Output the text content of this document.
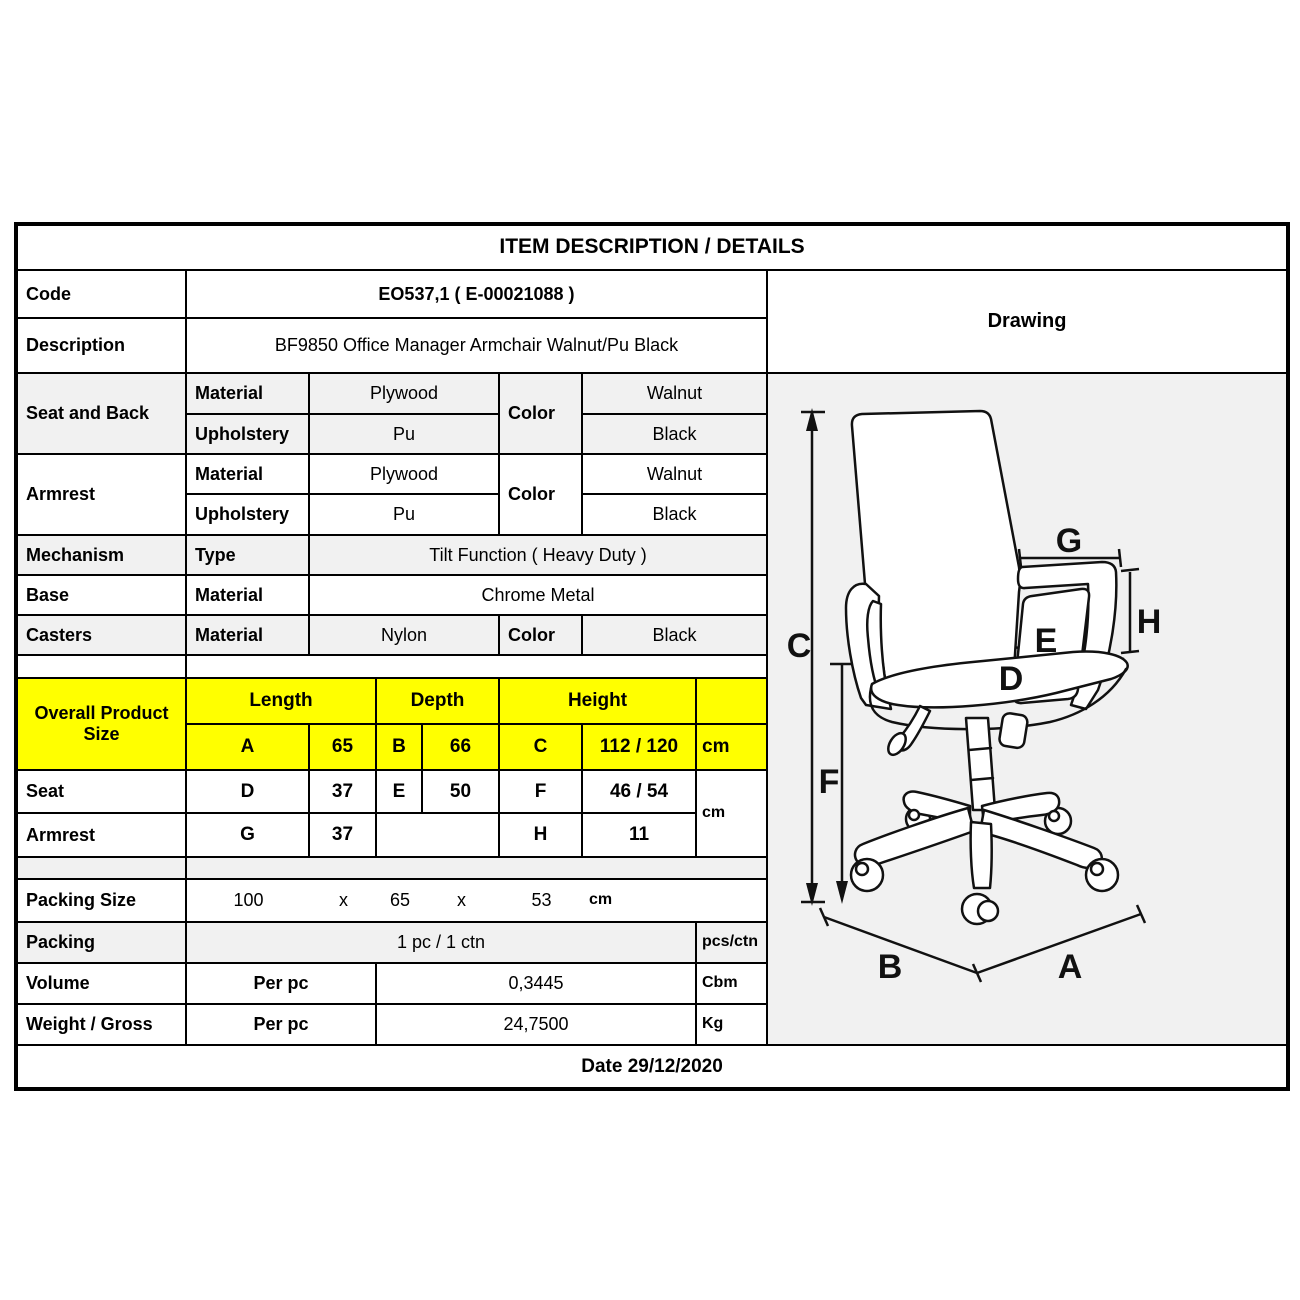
ITEM DESCRIPTION / DETAILS								
Code	EO537,1 ( E-00021088 )							Drawing
Description	BF9850 Office Manager Armchair Walnut/Pu Black							
Seat and Back	Material	Plywood	Color	Walnut	
C
F
G
H
E
D
B	A

	Upholstery	Pu				Black		
Armrest	Material	Plywood			Color	Walnut		
	Upholstery	Pu				Black		
Mechanism	Type	Tilt Function ( Heavy Duty )						
Base	Material	Chrome Metal						
Casters	Material	Nylon			Color	Black		

Overall Product Size	Length		Depth		Height			
	A	65	B	66	C	112 / 120	cm	
Seat	D	37	E	50	F	46 / 54	cm	
Armrest	G	37			H	11		

Packing Size	100	x	65	x	53	cm

Packing	1 pc / 1 ctn						pcs/ctn	
Volume	Per pc		0,3445				Cbm	
Weight / Gross	Per pc		24,7500				Kg	
Date 29/12/2020								
